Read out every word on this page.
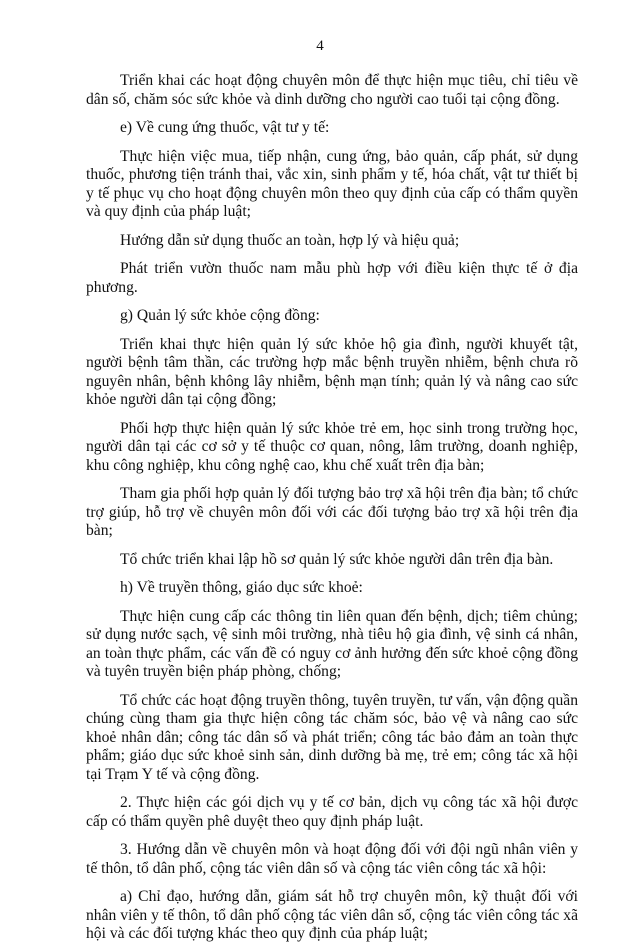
4

Triển khai các hoạt động chuyên môn để thực hiện mục tiêu, chỉ tiêu về dân số, chăm sóc sức khỏe và dinh dưỡng cho người cao tuổi tại cộng đồng.

e) Về cung ứng thuốc, vật tư y tế:

Thực hiện việc mua, tiếp nhận, cung ứng, bảo quản, cấp phát, sử dụng thuốc, phương tiện tránh thai, vắc xin, sinh phẩm y tế, hóa chất, vật tư thiết bị y tế phục vụ cho hoạt động chuyên môn theo quy định của cấp có thẩm quyền và quy định của pháp luật;

Hướng dẫn sử dụng thuốc an toàn, hợp lý và hiệu quả;

Phát triển vườn thuốc nam mẫu phù hợp với điều kiện thực tế ở địa phương.

g) Quản lý sức khỏe cộng đồng:

Triển khai thực hiện quản lý sức khỏe hộ gia đình, người khuyết tật, người bệnh tâm thần, các trường hợp mắc bệnh truyền nhiễm, bệnh chưa rõ nguyên nhân, bệnh không lây nhiễm, bệnh mạn tính; quản lý và nâng cao sức khỏe người dân tại cộng đồng;

Phối hợp thực hiện quản lý sức khỏe trẻ em, học sinh trong trường học, người dân tại các cơ sở y tế thuộc cơ quan, nông, lâm trường, doanh nghiệp, khu công nghiệp, khu công nghệ cao, khu chế xuất trên địa bàn;

Tham gia phối hợp quản lý đối tượng bảo trợ xã hội trên địa bàn; tổ chức trợ giúp, hỗ trợ về chuyên môn đối với các đối tượng bảo trợ xã hội trên địa bàn;

Tổ chức triển khai lập hồ sơ quản lý sức khỏe người dân trên địa bàn.

h) Về truyền thông, giáo dục sức khoẻ:

Thực hiện cung cấp các thông tin liên quan đến bệnh, dịch; tiêm chủng; sử dụng nước sạch, vệ sinh môi trường, nhà tiêu hộ gia đình, vệ sinh cá nhân, an toàn thực phẩm, các vấn đề có nguy cơ ảnh hưởng đến sức khoẻ cộng đồng và tuyên truyền biện pháp phòng, chống;

Tổ chức các hoạt động truyền thông, tuyên truyền, tư vấn, vận động quần chúng cùng tham gia thực hiện công tác chăm sóc, bảo vệ và nâng cao sức khoẻ nhân dân; công tác dân số và phát triển; công tác bảo đảm an toàn thực phẩm; giáo dục sức khoẻ sinh sản, dinh dưỡng bà mẹ, trẻ em; công tác xã hội tại Trạm Y tế và cộng đồng.

2. Thực hiện các gói dịch vụ y tế cơ bản, dịch vụ công tác xã hội được cấp có thẩm quyền phê duyệt theo quy định pháp luật.

3. Hướng dẫn về chuyên môn và hoạt động đối với đội ngũ nhân viên y tế thôn, tổ dân phố, cộng tác viên dân số và cộng tác viên công tác xã hội:

a) Chỉ đạo, hướng dẫn, giám sát hỗ trợ chuyên môn, kỹ thuật đối với nhân viên y tế thôn, tổ dân phố cộng tác viên dân số, cộng tác viên công tác xã hội và các đối tượng khác theo quy định của pháp luật;
